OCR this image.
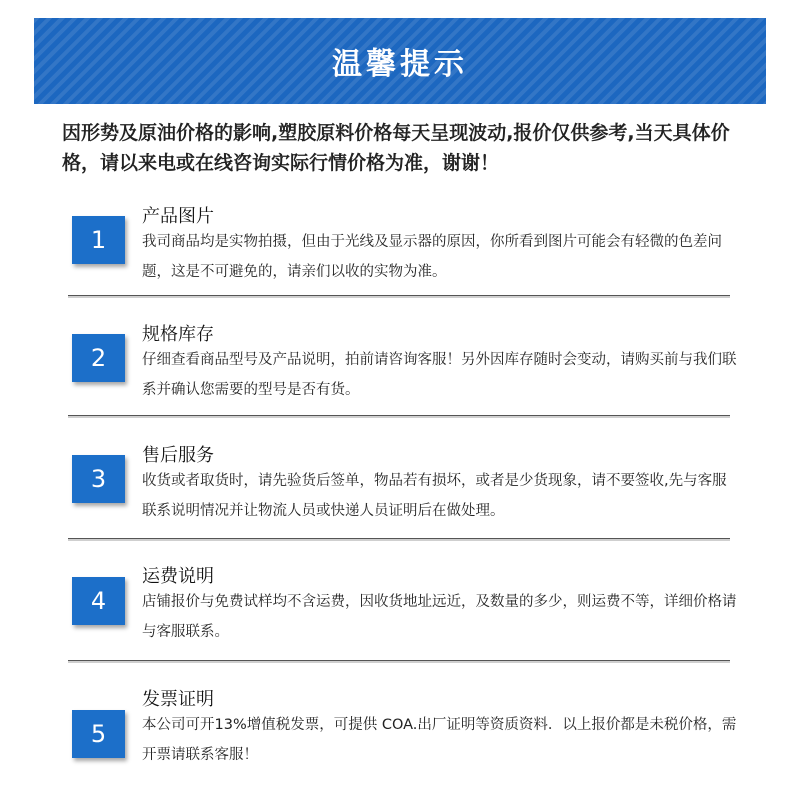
温馨提示
因形势及原油价格的影响,塑胶原料价格每天呈现波动,报价仅供参考,当天具体价格，请以来电或在线咨询实际行情价格为准，谢谢！
1
产品图片
我司商品均是实物拍摄，但由于光线及显示器的原因，你所看到图片可能会有轻微的色差问题，这是不可避免的，请亲们以收的实物为准。
2
规格库存
仔细查看商品型号及产品说明，拍前请咨询客服！另外因库存随时会变动，请购买前与我们联系并确认您需要的型号是否有货。
3
售后服务
收货或者取货时，请先验货后签单，物品若有损坏，或者是少货现象，请不要签收,先与客服联系说明情况并让物流人员或快递人员证明后在做处理。
4
运费说明
店铺报价与免费试样均不含运费，因收货地址远近，及数量的多少，则运费不等，详细价格请与客服联系。
5
发票证明
本公司可开13%增值税发票，可提供 COA.出厂证明等资质资料．以上报价都是未税价格，需开票请联系客服！
